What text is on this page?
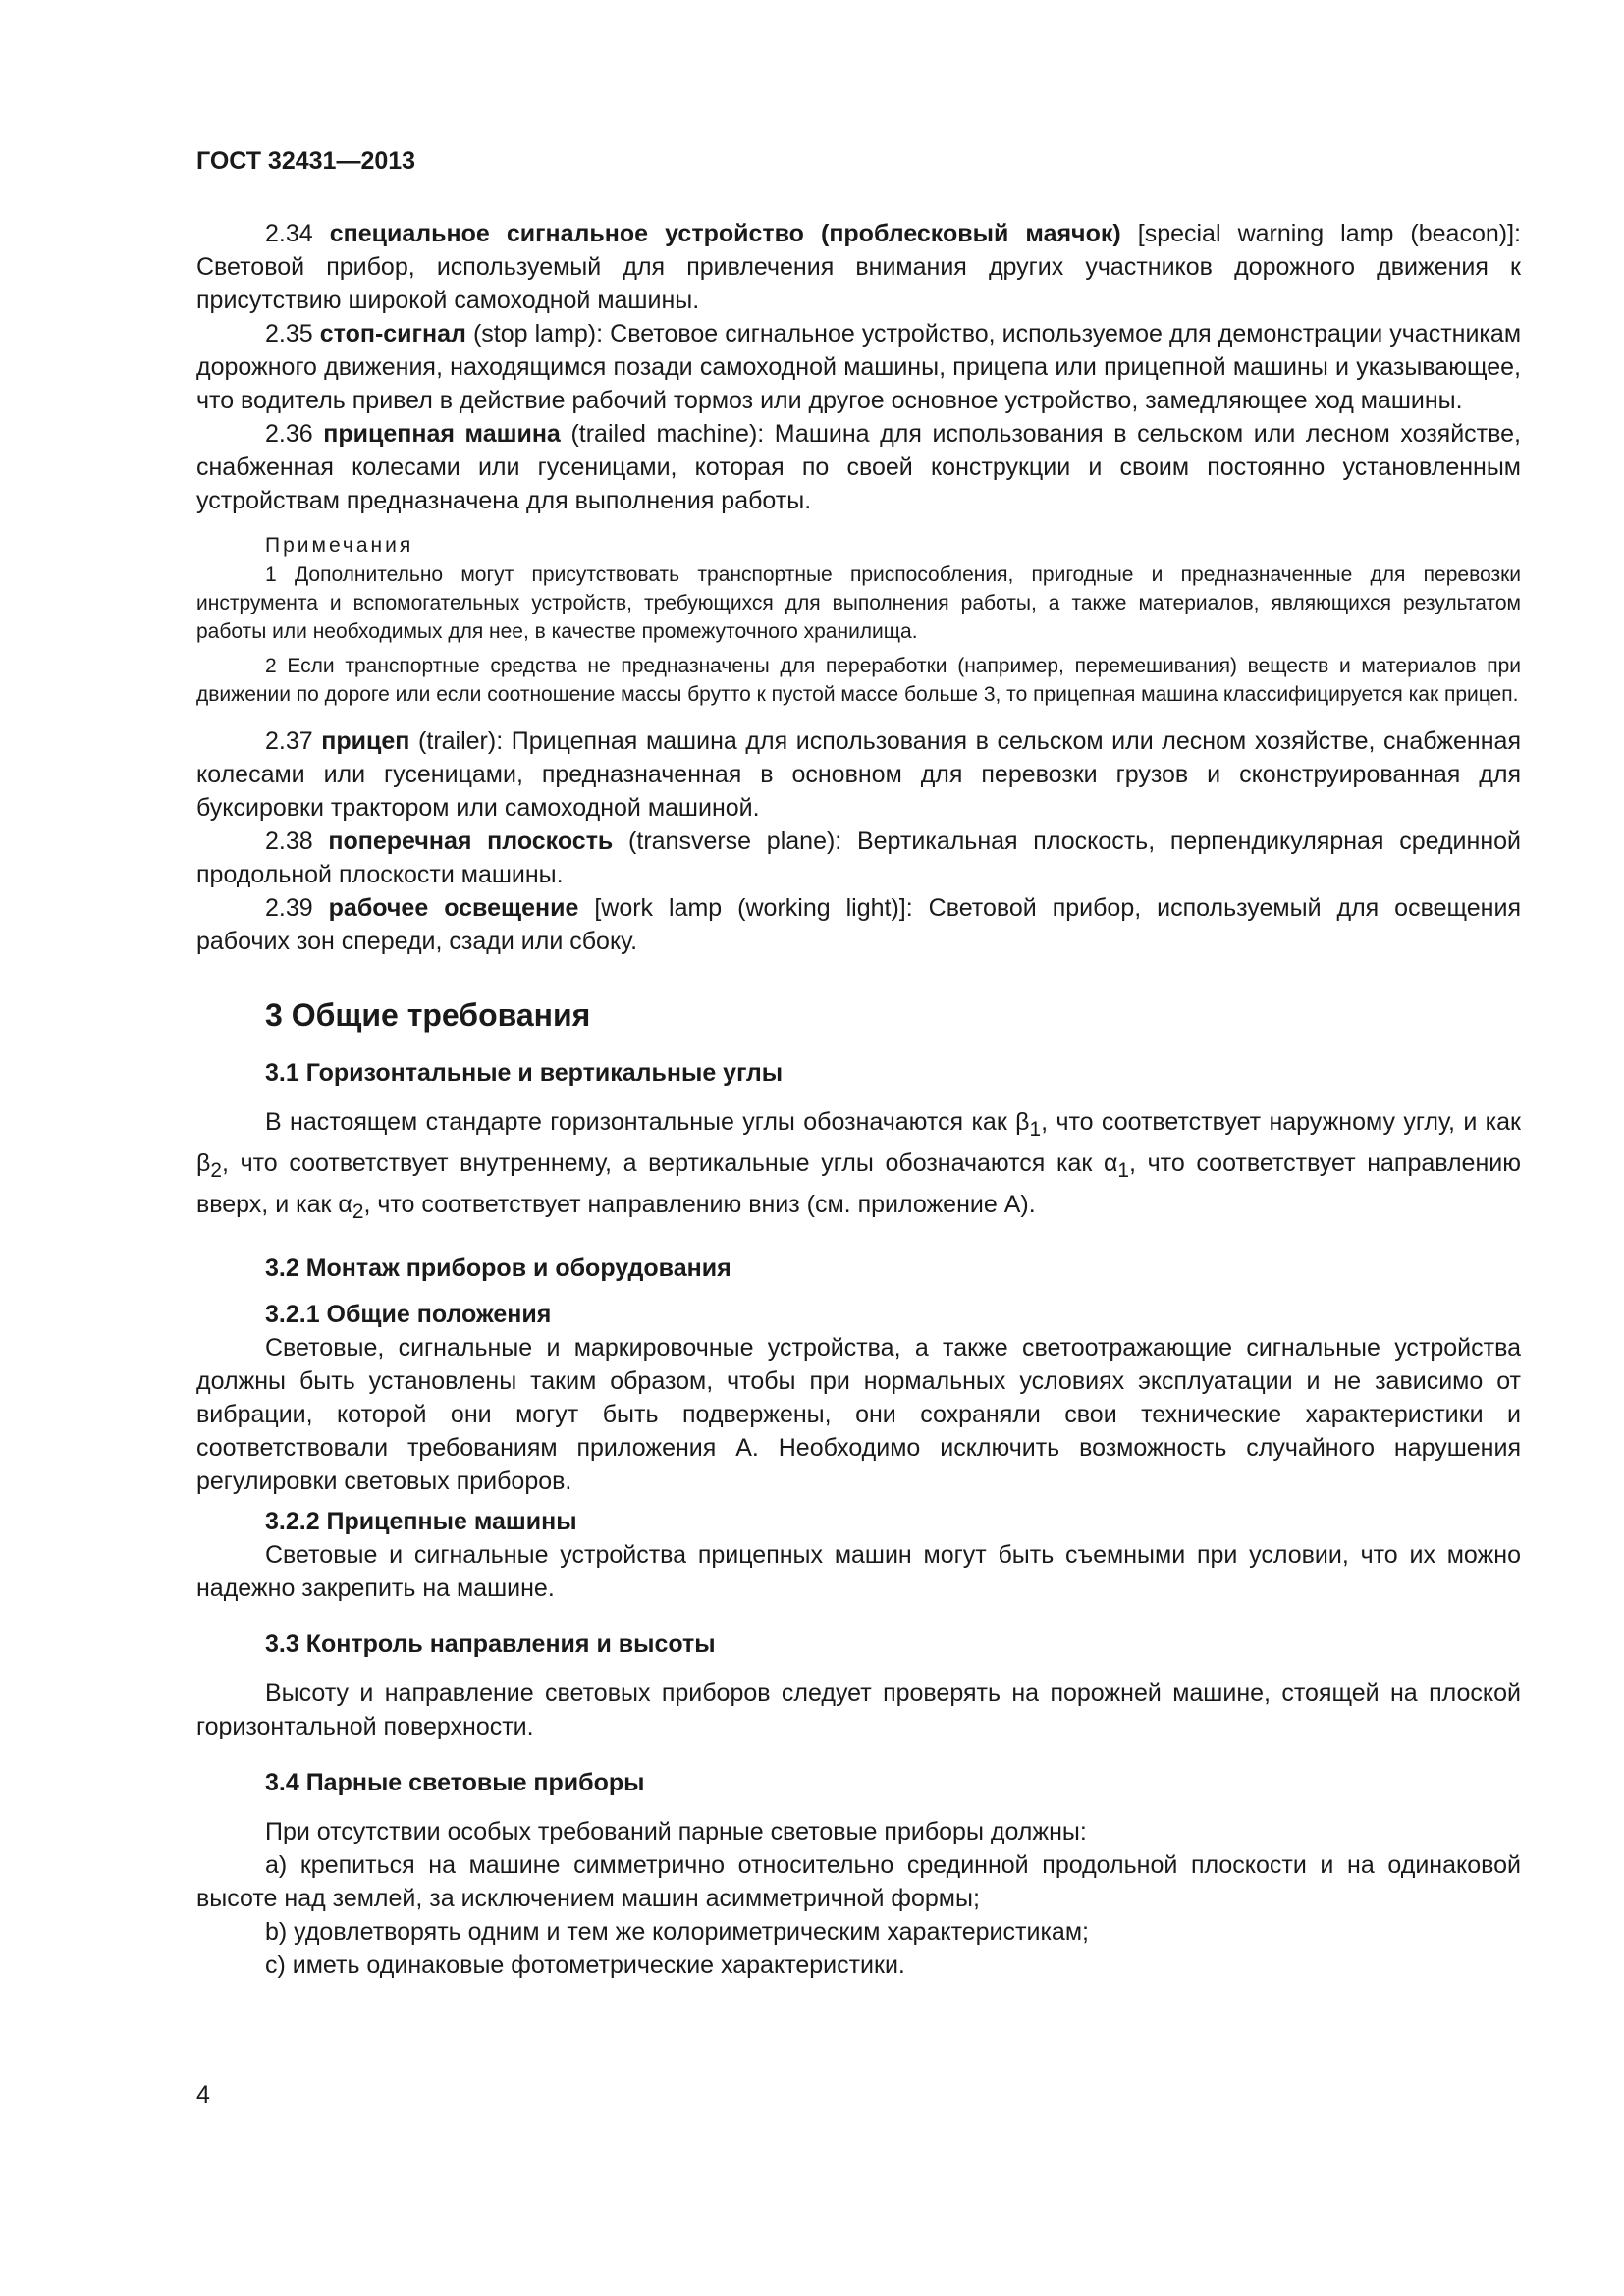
ГОСТ 32431—2013

2.34 специальное сигнальное устройство (проблесковый маячок) [special warning lamp (beacon)]: Световой прибор, используемый для привлечения внимания других участников дорожного движения к присутствию широкой самоходной машины.

2.35 стоп-сигнал (stop lamp): Световое сигнальное устройство, используемое для демонстрации участникам дорожного движения, находящимся позади самоходной машины, прицепа или прицепной машины и указывающее, что водитель привел в действие рабочий тормоз или другое основное устройство, замедляющее ход машины.

2.36 прицепная машина (trailed machine): Машина для использования в сельском или лесном хозяйстве, снабженная колесами или гусеницами, которая по своей конструкции и своим постоянно установленным устройствам предназначена для выполнения работы.

Примечания

1 Дополнительно могут присутствовать транспортные приспособления, пригодные и предназначенные для перевозки инструмента и вспомогательных устройств, требующихся для выполнения работы, а также материалов, являющихся результатом работы или необходимых для нее, в качестве промежуточного хранилища.

2 Если транспортные средства не предназначены для переработки (например, перемешивания) веществ и материалов при движении по дороге или если соотношение массы брутто к пустой массе больше 3, то прицепная машина классифицируется как прицеп.

2.37 прицеп (trailer): Прицепная машина для использования в сельском или лесном хозяйстве, снабженная колесами или гусеницами, предназначенная в основном для перевозки грузов и сконструированная для буксировки трактором или самоходной машиной.

2.38 поперечная плоскость (transverse plane): Вертикальная плоскость, перпендикулярная срединной продольной плоскости машины.

2.39 рабочее освещение [work lamp (working light)]: Световой прибор, используемый для освещения рабочих зон спереди, сзади или сбоку.

3 Общие требования
3.1 Горизонтальные и вертикальные углы

В настоящем стандарте горизонтальные углы обозначаются как $\beta_1$, что соответствует наружному углу, и как $\beta_2$, что соответствует внутреннему, а вертикальные углы обозначаются как $\alpha_1$, что соответствует направлению вверх, и как $\alpha_2$, что соответствует направлению вниз (см. приложение А).

3.2 Монтаж приборов и оборудования
3.2.1 Общие положения

Световые, сигнальные и маркировочные устройства, а также светоотражающие сигнальные устройства должны быть установлены таким образом, чтобы при нормальных условиях эксплуатации и не зависимо от вибрации, которой они могут быть подвержены, они сохраняли свои технические характеристики и соответствовали требованиям приложения А. Необходимо исключить возможность случайного нарушения регулировки световых приборов.

3.2.2 Прицепные машины

Световые и сигнальные устройства прицепных машин могут быть съемными при условии, что их можно надежно закрепить на машине.

3.3 Контроль направления и высоты

Высоту и направление световых приборов следует проверять на порожней машине, стоящей на плоской горизонтальной поверхности.

3.4 Парные световые приборы

При отсутствии особых требований парные световые приборы должны:

а) крепиться на машине симметрично относительно срединной продольной плоскости и на одинаковой высоте над землей, за исключением машин асимметричной формы;

b) удовлетворять одним и тем же колориметрическим характеристикам;

c) иметь одинаковые фотометрические характеристики.

4
